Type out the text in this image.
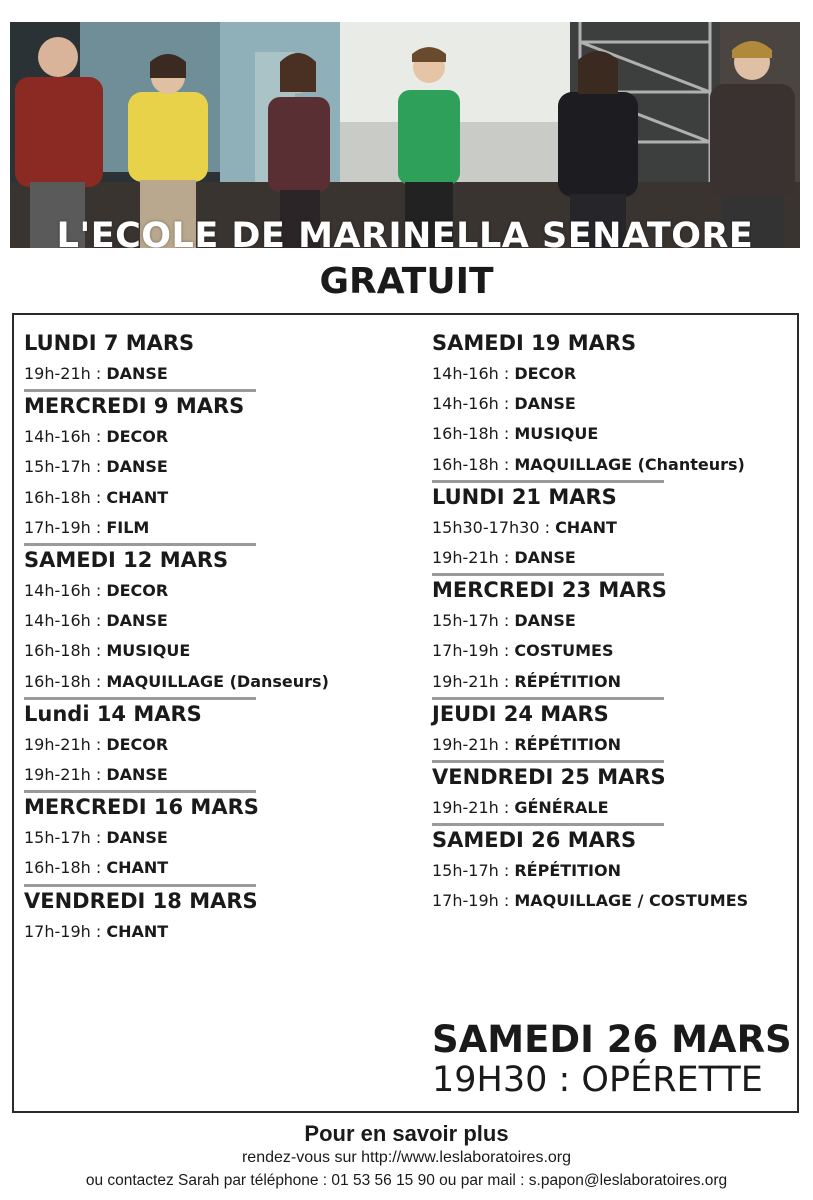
L'ECOLE DE MARINELLA SENATORE
GRATUIT
LUNDI 7 MARS
19h-21h : DANSE
MERCREDI 9 MARS
14h-16h : DECOR
15h-17h : DANSE
16h-18h : CHANT
17h-19h : FILM
SAMEDI 12 MARS
14h-16h : DECOR
14h-16h : DANSE
16h-18h : MUSIQUE
16h-18h : MAQUILLAGE (Danseurs)
Lundi 14 MARS
19h-21h : DECOR
19h-21h : DANSE
MERCREDI 16 MARS
15h-17h : DANSE
16h-18h : CHANT
VENDREDI 18 MARS
17h-19h : CHANT
SAMEDI 19 MARS
14h-16h : DECOR
14h-16h : DANSE
16h-18h : MUSIQUE
16h-18h : MAQUILLAGE (Chanteurs)
LUNDI 21 MARS
15h30-17h30 : CHANT
19h-21h : DANSE
MERCREDI 23 MARS
15h-17h : DANSE
17h-19h : COSTUMES
19h-21h : RÉPÉTITION
JEUDI 24 MARS
19h-21h : RÉPÉTITION
VENDREDI 25 MARS
19h-21h : GÉNÉRALE
SAMEDI 26 MARS
15h-17h : RÉPÉTITION
17h-19h : MAQUILLAGE / COSTUMES
SAMEDI 26 MARS
19H30 : OPÉRETTE
Pour en savoir plus
rendez-vous sur http://www.leslaboratoires.org
ou contactez Sarah par téléphone : 01 53 56 15 90 ou par mail : s.papon@leslaboratoires.org
